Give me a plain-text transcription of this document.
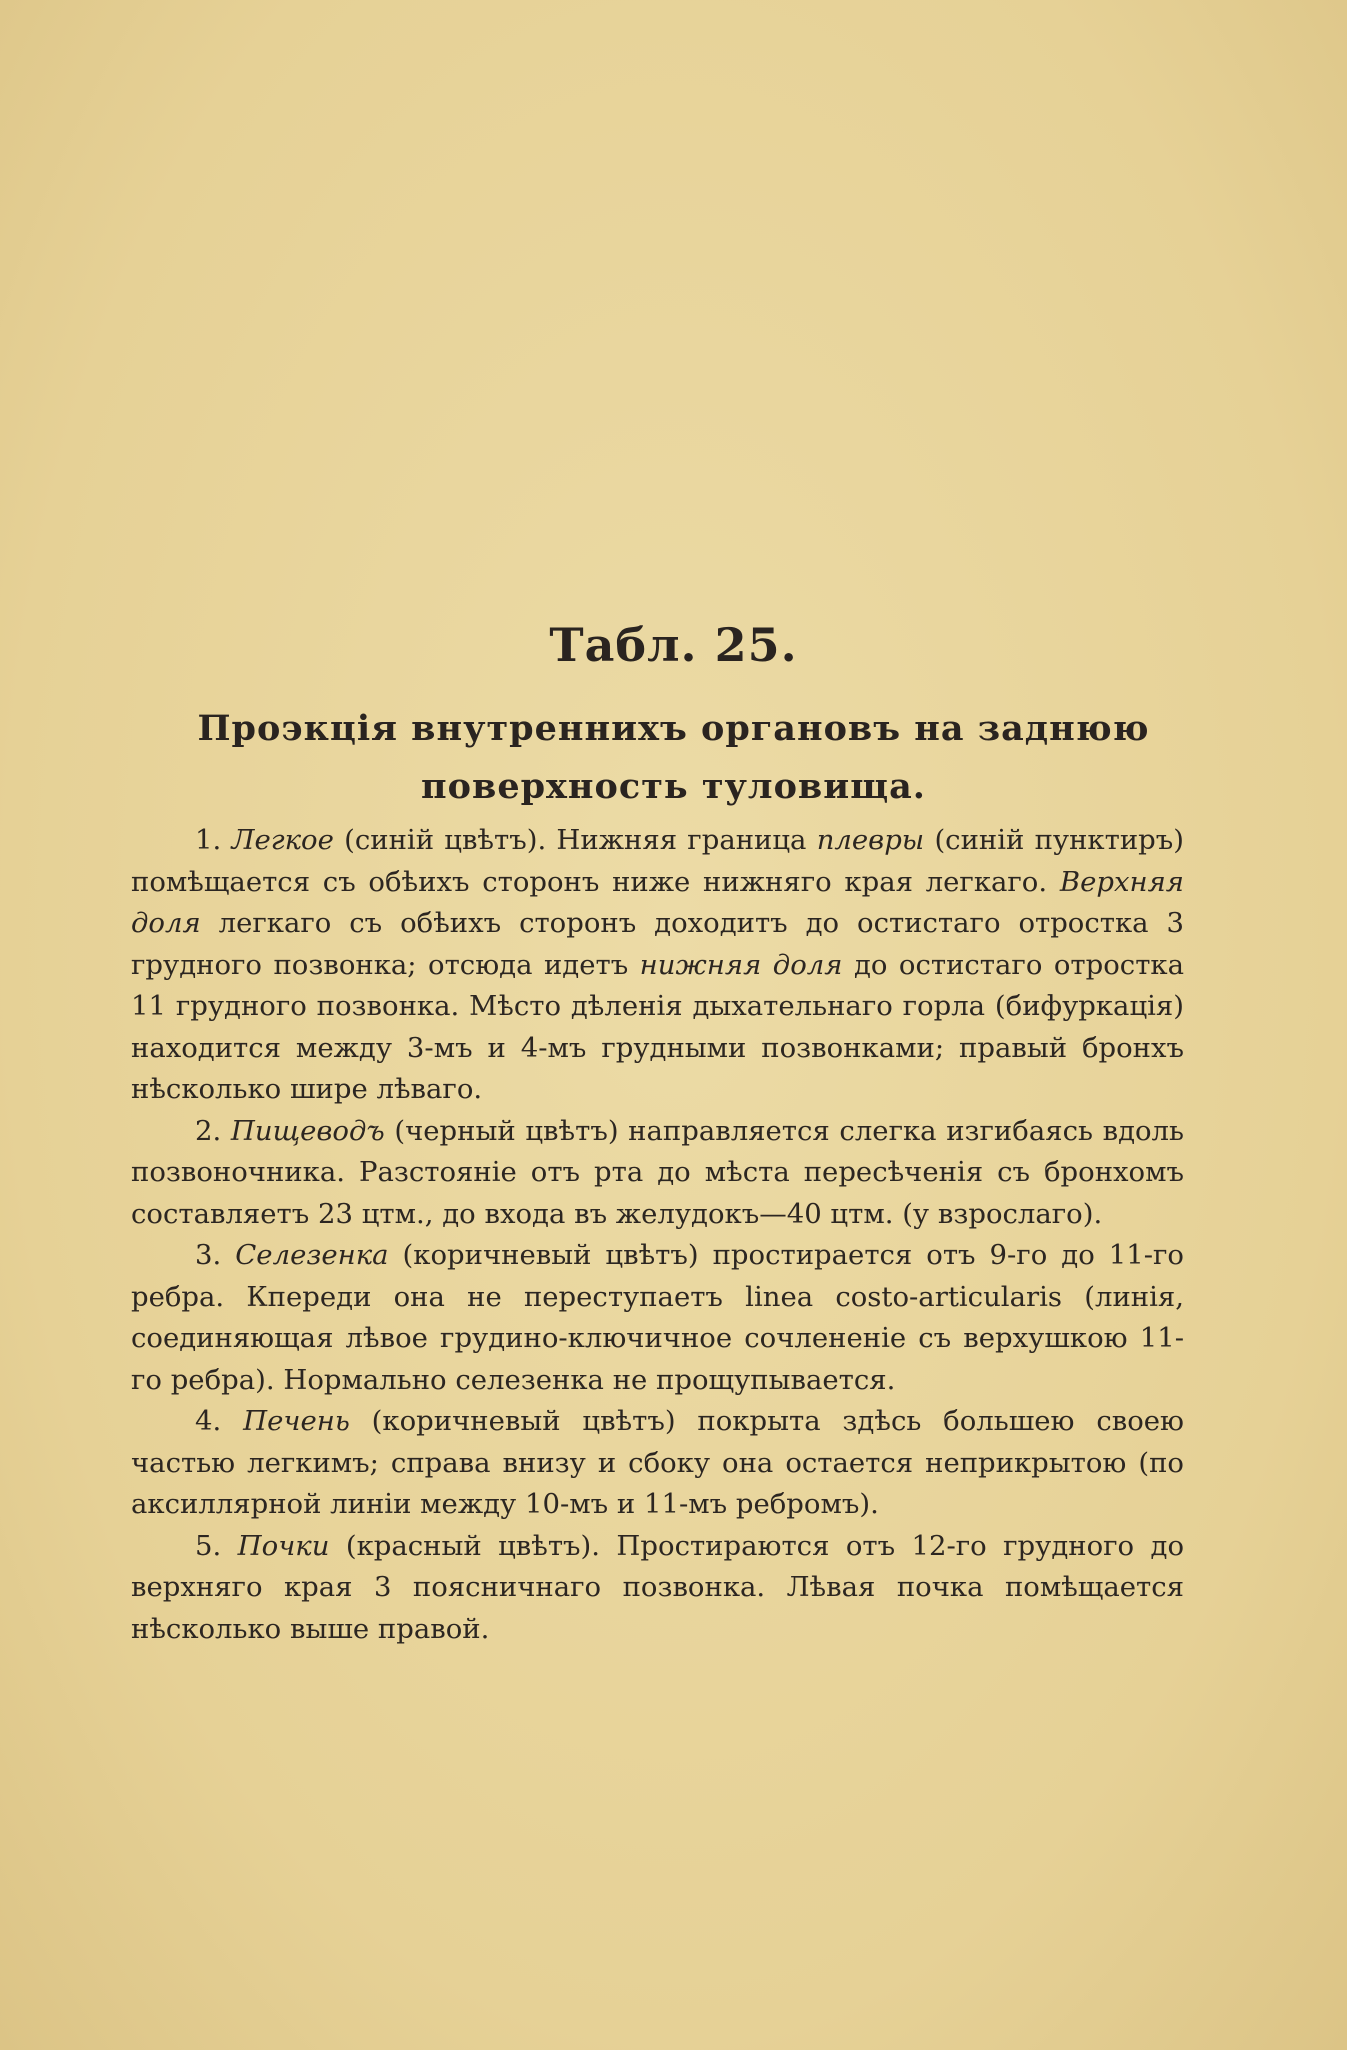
Табл. 25.
Проэкція внутреннихъ органовъ на заднюю
поверхность туловища.

1. Легкое (синій цвѣтъ). Нижняя граница плевры (синій пунктиръ) помѣщается съ обѣихъ сторонъ ниже нижняго края легкаго. Верхняя доля легкаго съ обѣихъ сторонъ доходитъ до остистаго отростка 3 грудного позвонка; отсюда идетъ нижняя доля до остистаго отростка 11 грудного позвонка. Мѣсто дѣленія дыхательнаго горла (бифуркація) находится между 3-мъ и 4-мъ грудными позвонками; правый бронхъ нѣсколько шире лѣваго.

2. Пищеводъ (черный цвѣтъ) направляется слегка изгибаясь вдоль позвоночника. Разстояніе отъ рта до мѣста пересѣченія съ бронхомъ составляетъ 23 цтм., до входа въ желудокъ—40 цтм. (у взрослаго).

3. Селезенка (коричневый цвѣтъ) простирается отъ 9-го до 11-го ребра. Кпереди она не переступаетъ linea costo-articularis (линія, соединяющая лѣвое грудино-ключичное сочлененіе съ верхушкою 11-го ребра). Нормально селезенка не прощупывается.

4. Печень (коричневый цвѣтъ) покрыта здѣсь большею своею частью легкимъ; справа внизу и сбоку она остается неприкрытою (по аксиллярной линіи между 10-мъ и 11-мъ ребромъ).

5. Почки (красный цвѣтъ). Простираются отъ 12-го грудного до верхняго края 3 поясничнаго позвонка. Лѣвая почка помѣщается нѣсколько выше правой.
